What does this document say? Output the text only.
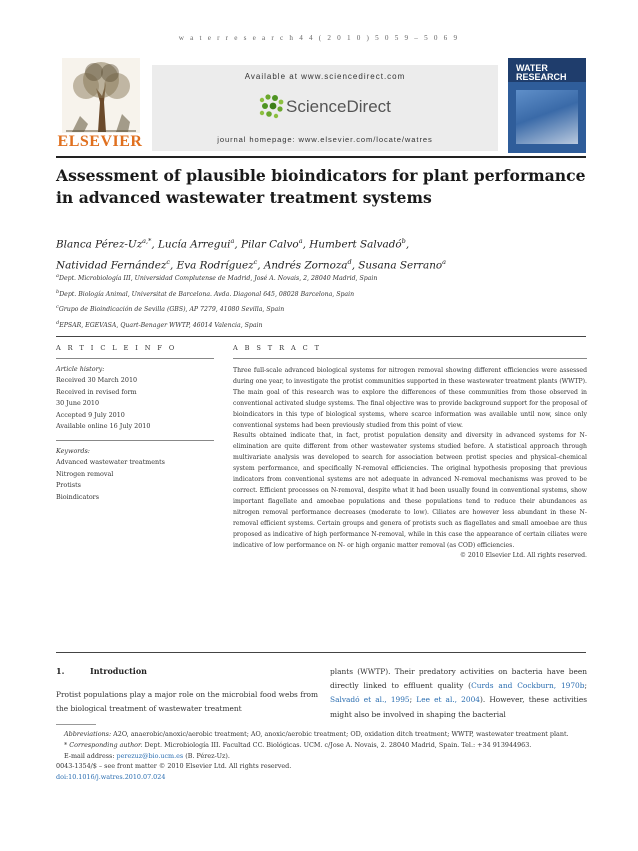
w a t e r r e s e a r c h 4 4 ( 2 0 1 0 ) 5 0 5 9 – 5 0 6 9
ELSEVIER
Available at www.sciencedirect.com
ScienceDirect
journal homepage: www.elsevier.com/locate/watres
WATER
RESEARCH
Assessment of plausible bioindicators for plant performance in advanced wastewater treatment systems
Blanca Pérez-$Uz^{a,*}$, Lucía Arregui$^a$, Pilar Calvo$^a$, Humbert Salvadó$^b$,
Natividad Fernández$^c$, Eva Rodríguez$^c$, Andrés Zornoza$^d$, Susana Serrano$^a$
$^a$Dept. Microbiología III, Universidad Complutense de Madrid, José A. Novais, 2, 28040 Madrid, Spain
$^b$Dept. Biología Animal, Universitat de Barcelona. Avda. Diagonal 645, 08028 Barcelona, Spain
$^c$Grupo de Bioindicación de Sevilla (GBS), AP 7279, 41080 Sevilla, Spain
$^d$EPSAR, EGEVASA, Quart-Benager WWTP, 46014 Valencia, Spain
A R T I C L E I N F O
Article history:
Received 30 March 2010
Received in revised form
30 June 2010
Accepted 9 July 2010
Available online 16 July 2010
Keywords:
Advanced wastewater treatments
Nitrogen removal
Protists
Bioindicators
A B S T R A C T

Three full-scale advanced biological systems for nitrogen removal showing different efficiencies were assessed during one year, to investigate the protist communities supported in these wastewater treatment plants (WWTP). The main goal of this research was to explore the differences of these communities from those observed in conventional activated sludge systems. The final objective was to provide background support for the proposal of bioindicators in this type of biological systems, where scarce information was available until now, since only conventional systems had been previously studied from this point of view.

Results obtained indicate that, in fact, protist population density and diversity in advanced systems for N-elimination are quite different from other wastewater systems studied before. A statistical approach through multivariate analysis was developed to search for association between protist species and physical–chemical system performance, and specifically N-removal efficiencies. The original hypothesis proposing that previous indicators from conventional systems are not adequate in advanced N-removal mechanisms was proved to be correct. Efficient processes on N-removal, despite what it had been usually found in conventional systems, show important flagellate and amoebae populations and these populations tend to reduce their abundances as nitrogen removal performance decreases (moderate to low). Ciliates are however less abundant in these N-removal efficient systems. Certain groups and genera of protists such as flagellates and small amoebae are thus proposed as indicative of high performance N-removal, while in this case the appearance of certain ciliates were indicative of low performance on N- or high organic matter removal (as COD) efficiencies.

© 2010 Elsevier Ltd. All rights reserved.

1.	Introduction
Protist populations play a major role on the microbial food webs from the biological treatment of wastewater treatment
plants (WWTP). Their predatory activities on bacteria have been directly linked to effluent quality (Curds and Cockburn, 1970b; Salvadó et al., 1995; Lee et al., 2004). However, these activities might also be involved in shaping the bacterial
Abbreviations: A2O, anaerobic/anoxic/aerobic treatment; AO, anoxic/aerobic treatment; OD, oxidation ditch treatment; WWTP, wastewater treatment plant.
* Corresponding author. Dept. Microbiología III. Facultad CC. Biológicas. UCM. c/Jose A. Novais, 2. 28040 Madrid, Spain. Tel.: +34 913944963.
E-mail address: perezuz@bio.ucm.es (B. Pérez-Uz).
0043-1354/$ – see front matter © 2010 Elsevier Ltd. All rights reserved.
doi:10.1016/j.watres.2010.07.024
